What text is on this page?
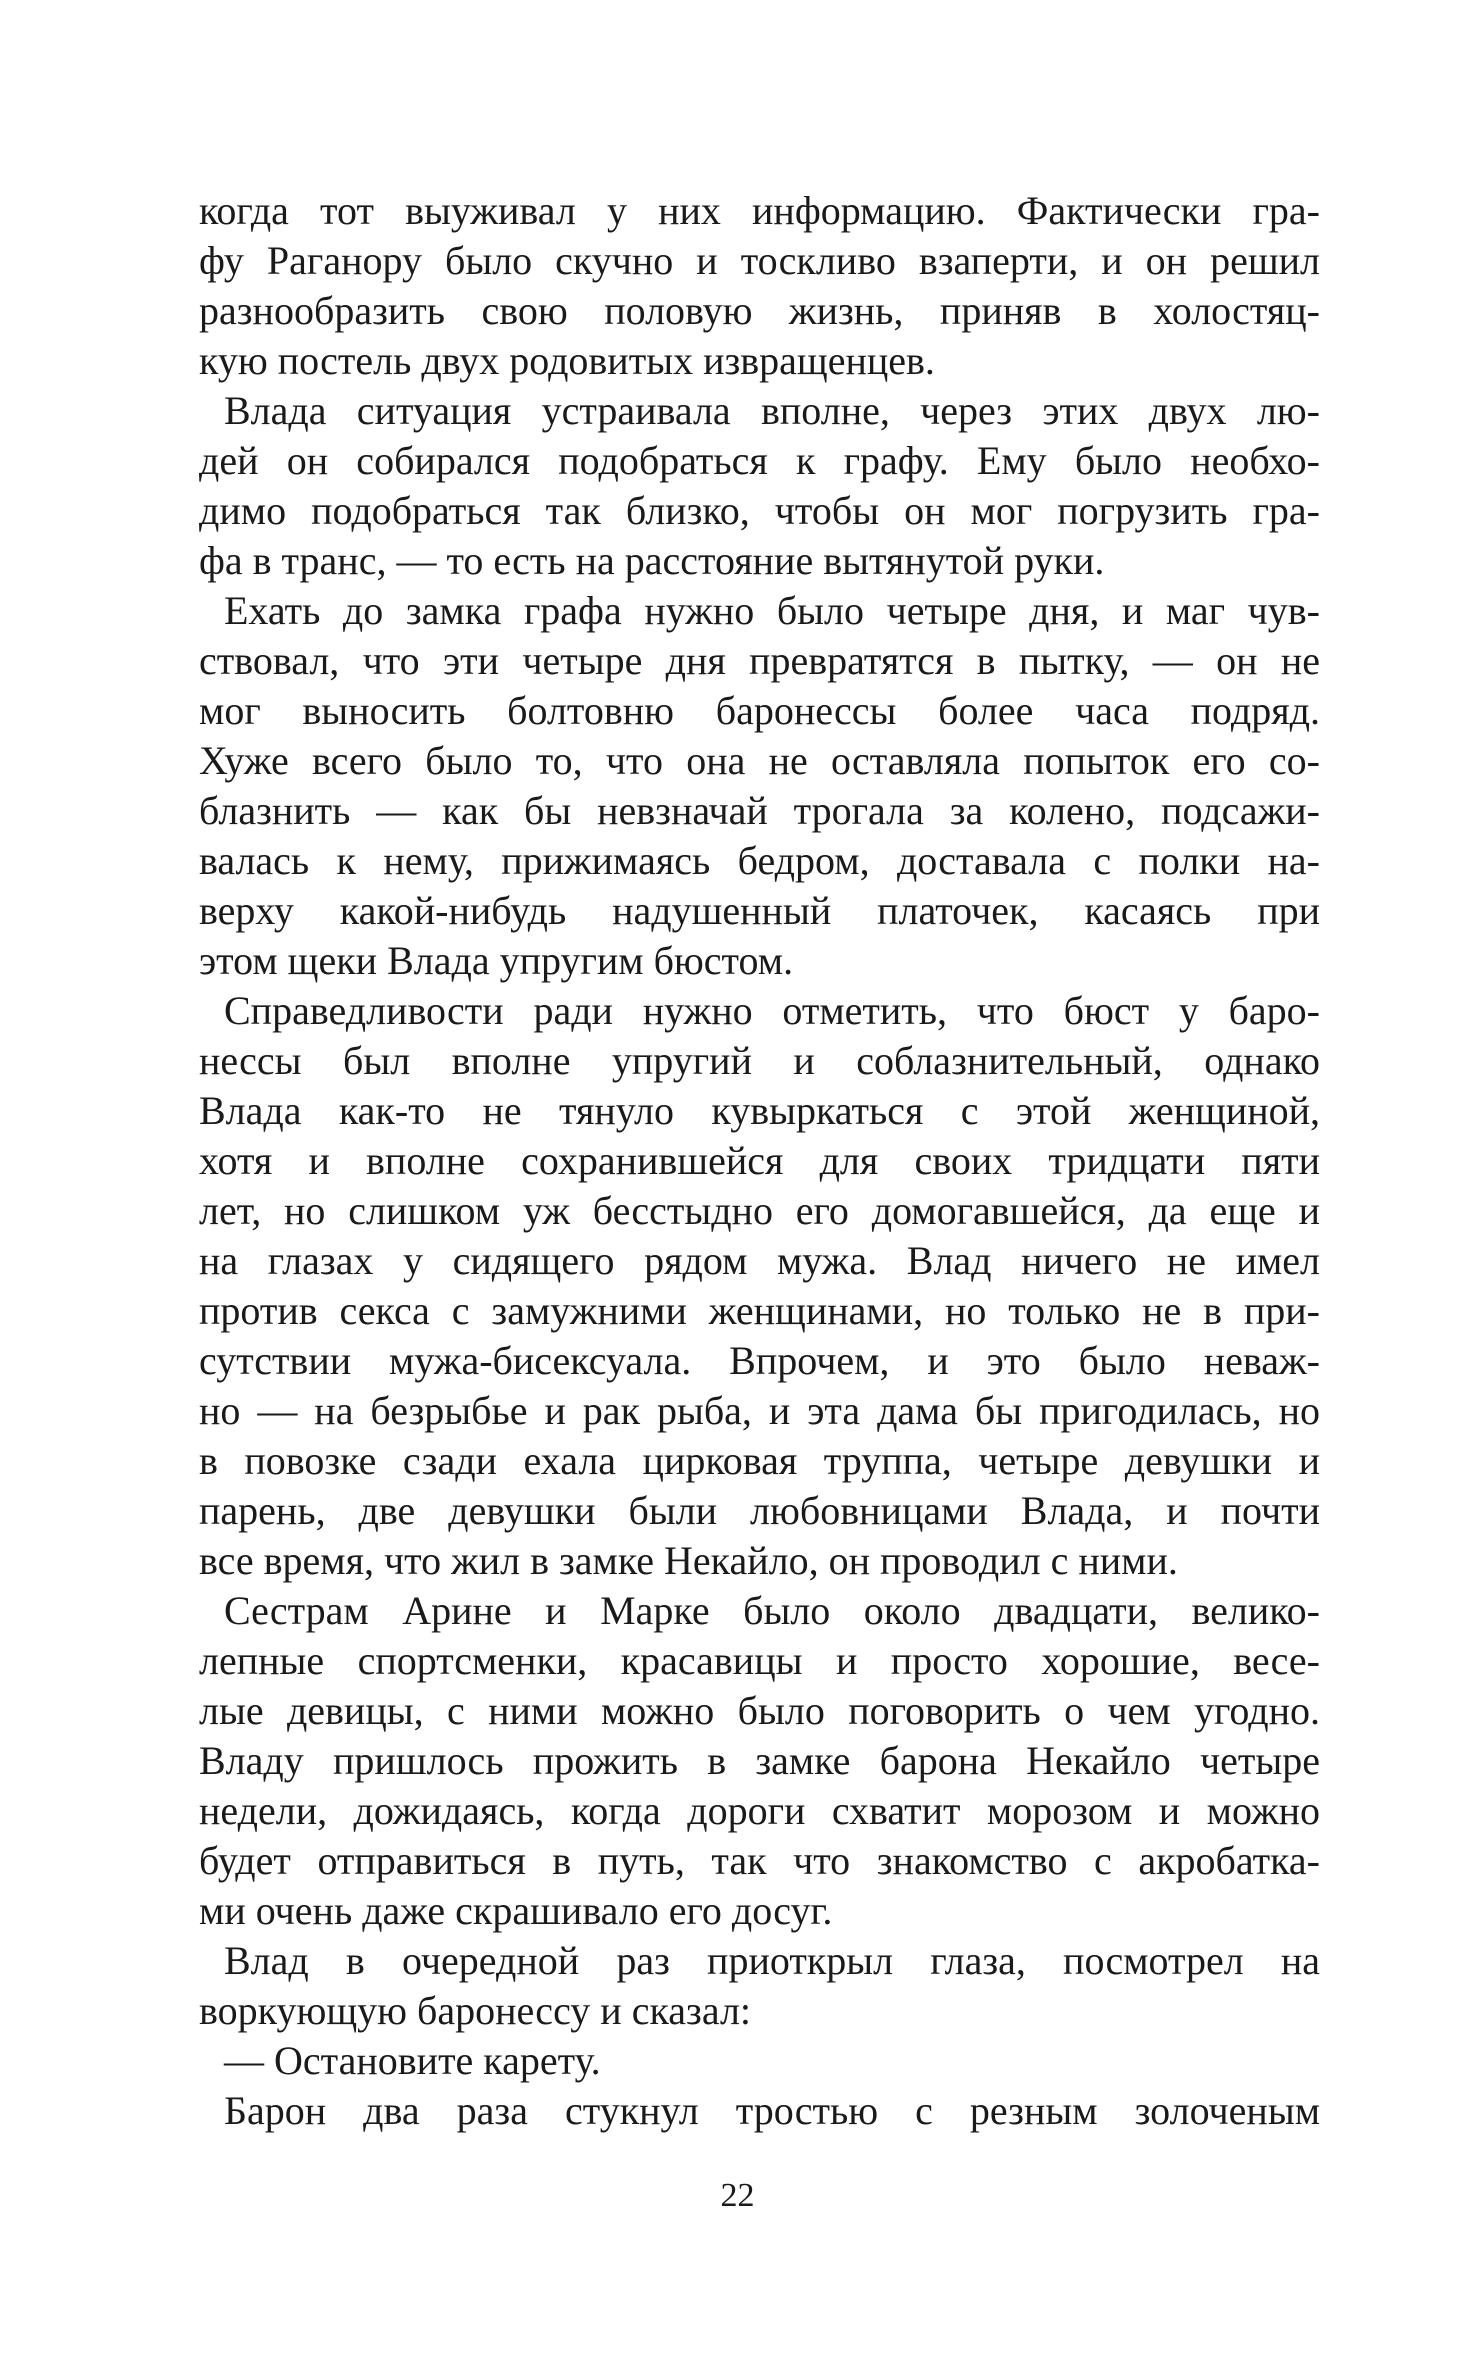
когда тот выуживал у них информацию. Фактически гра-
фу Раганору было скучно и тоскливо взаперти, и он решил
разнообразить свою половую жизнь, приняв в холостяц-
кую постель двух родовитых извращенцев.
Влада ситуация устраивала вполне, через этих двух лю-
дей он собирался подобраться к графу. Ему было необхо-
димо подобраться так близко, чтобы он мог погрузить гра-
фа в транс, — то есть на расстояние вытянутой руки.
Ехать до замка графа нужно было четыре дня, и маг чув-
ствовал, что эти четыре дня превратятся в пытку, — он не
мог выносить болтовню баронессы более часа подряд.
Хуже всего было то, что она не оставляла попыток его со-
блазнить — как бы невзначай трогала за колено, подсажи-
валась к нему, прижимаясь бедром, доставала с полки на-
верху какой-нибудь надушенный платочек, касаясь при
этом щеки Влада упругим бюстом.
Справедливости ради нужно отметить, что бюст у баро-
нессы был вполне упругий и соблазнительный, однако
Влада как-то не тянуло кувыркаться с этой женщиной,
хотя и вполне сохранившейся для своих тридцати пяти
лет, но слишком уж бесстыдно его домогавшейся, да еще и
на глазах у сидящего рядом мужа. Влад ничего не имел
против секса с замужними женщинами, но только не в при-
сутствии мужа-бисексуала. Впрочем, и это было неваж-
но — на безрыбье и рак рыба, и эта дама бы пригодилась, но
в повозке сзади ехала цирковая труппа, четыре девушки и
парень, две девушки были любовницами Влада, и почти
все время, что жил в замке Некайло, он проводил с ними.
Сестрам Арине и Марке было около двадцати, велико-
лепные спортсменки, красавицы и просто хорошие, весе-
лые девицы, с ними можно было поговорить о чем угодно.
Владу пришлось прожить в замке барона Некайло четыре
недели, дожидаясь, когда дороги схватит морозом и можно
будет отправиться в путь, так что знакомство с акробатка-
ми очень даже скрашивало его досуг.
Влад в очередной раз приоткрыл глаза, посмотрел на
воркующую баронессу и сказал:
— Остановите карету.
Барон два раза стукнул тростью с резным золоченым
22
